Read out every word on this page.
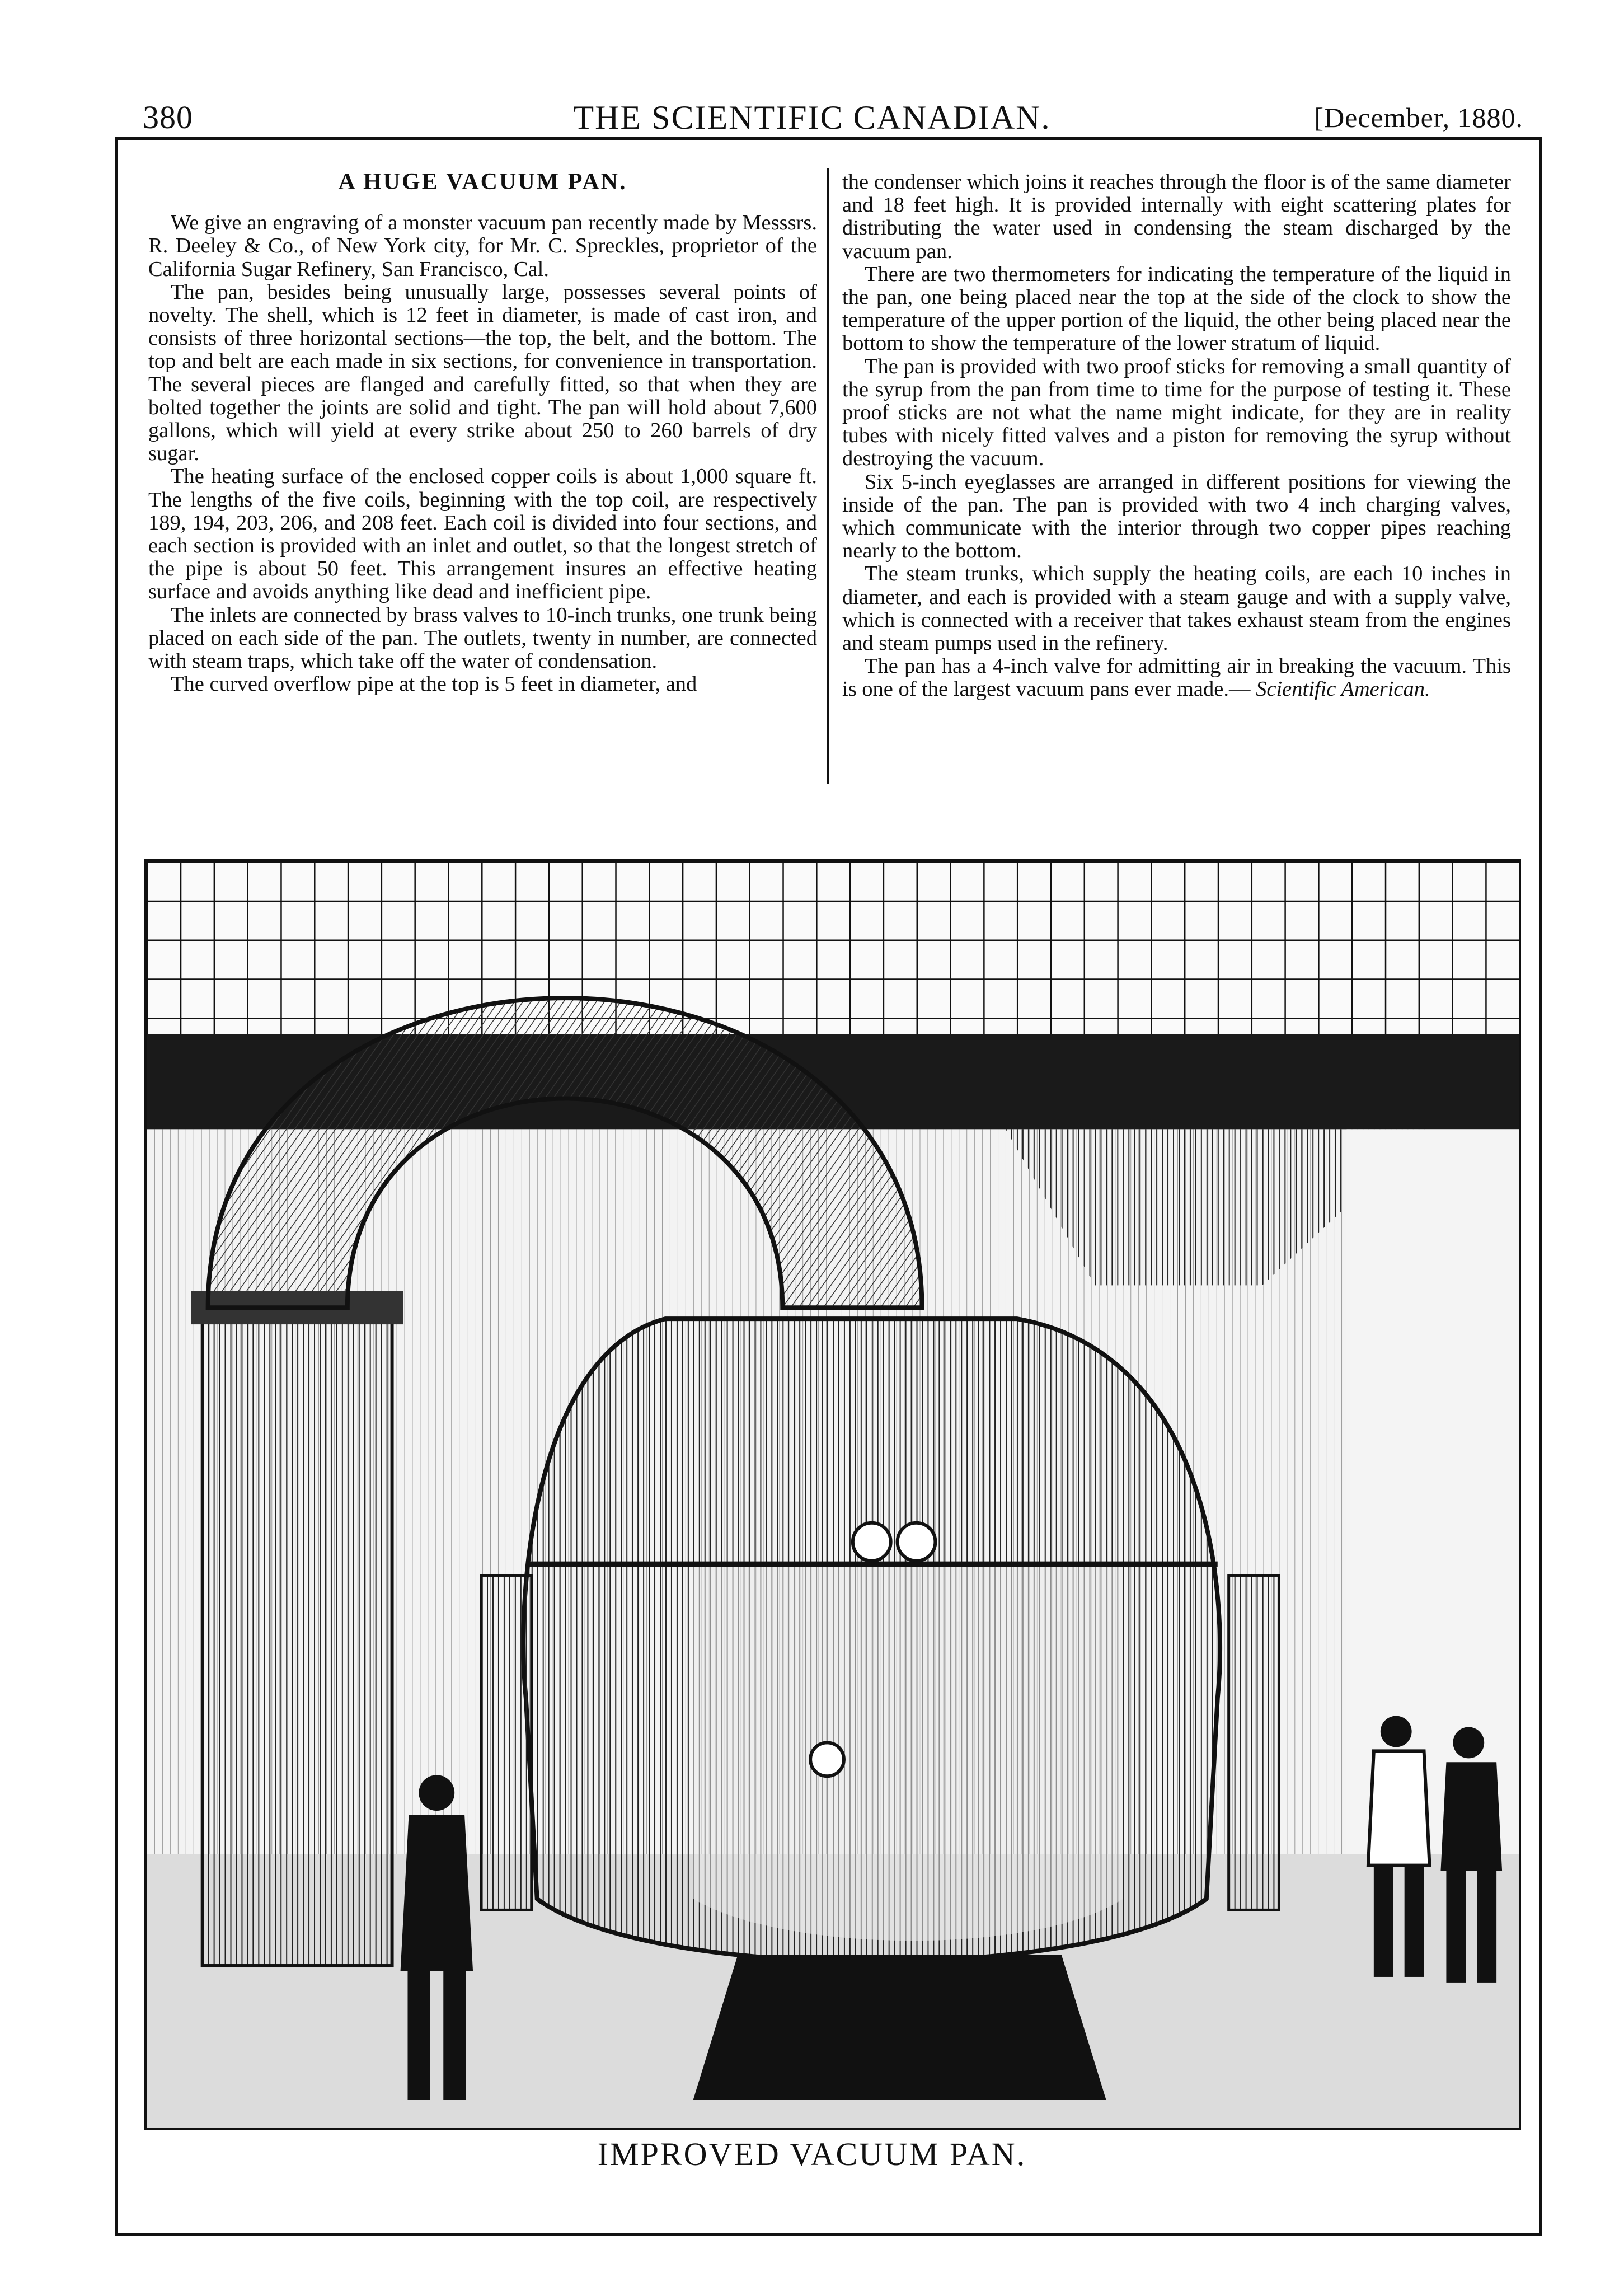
380	THE SCIENTIFIC CANADIAN.	[December, 1880.
A HUGE VACUUM PAN.

We give an engraving of a monster vacuum pan recently made by Messsrs. R. Deeley & Co., of New York city, for Mr. C. Spreckles, proprietor of the California Sugar Refinery, San Francisco, Cal.

The pan, besides being unusually large, possesses several points of novelty. The shell, which is 12 feet in diameter, is made of cast iron, and consists of three horizontal sections—the top, the belt, and the bottom. The top and belt are each made in six sections, for convenience in transportation. The several pieces are flanged and carefully fitted, so that when they are bolted together the joints are solid and tight. The pan will hold about 7,600 gallons, which will yield at every strike about 250 to 260 barrels of dry sugar.

The heating surface of the enclosed copper coils is about 1,000 square ft. The lengths of the five coils, beginning with the top coil, are respectively 189, 194, 203, 206, and 208 feet. Each coil is divided into four sections, and each section is provided with an inlet and outlet, so that the longest stretch of the pipe is about 50 feet. This arrangement insures an effective heating surface and avoids anything like dead and inefficient pipe.

The inlets are connected by brass valves to 10-inch trunks, one trunk being placed on each side of the pan. The outlets, twenty in number, are connected with steam traps, which take off the water of condensation.

The curved overflow pipe at the top is 5 feet in diameter, and

the condenser which joins it reaches through the floor is of the same diameter and 18 feet high. It is provided internally with eight scattering plates for distributing the water used in condensing the steam discharged by the vacuum pan.

There are two thermometers for indicating the temperature of the liquid in the pan, one being placed near the top at the side of the clock to show the temperature of the upper portion of the liquid, the other being placed near the bottom to show the temperature of the lower stratum of liquid.

The pan is provided with two proof sticks for removing a small quantity of the syrup from the pan from time to time for the purpose of testing it. These proof sticks are not what the name might indicate, for they are in reality tubes with nicely fitted valves and a piston for removing the syrup without destroying the vacuum.

Six 5-inch eyeglasses are arranged in different positions for viewing the inside of the pan. The pan is provided with two 4 inch charging valves, which communicate with the interior through two copper pipes reaching nearly to the bottom.

The steam trunks, which supply the heating coils, are each 10 inches in diameter, and each is provided with a steam gauge and with a supply valve, which is connected with a receiver that takes exhaust steam from the engines and steam pumps used in the refinery.

The pan has a 4-inch valve for admitting air in breaking the vacuum. This is one of the largest vacuum pans ever made.— Scientific American.

IMPROVED VACUUM PAN.
